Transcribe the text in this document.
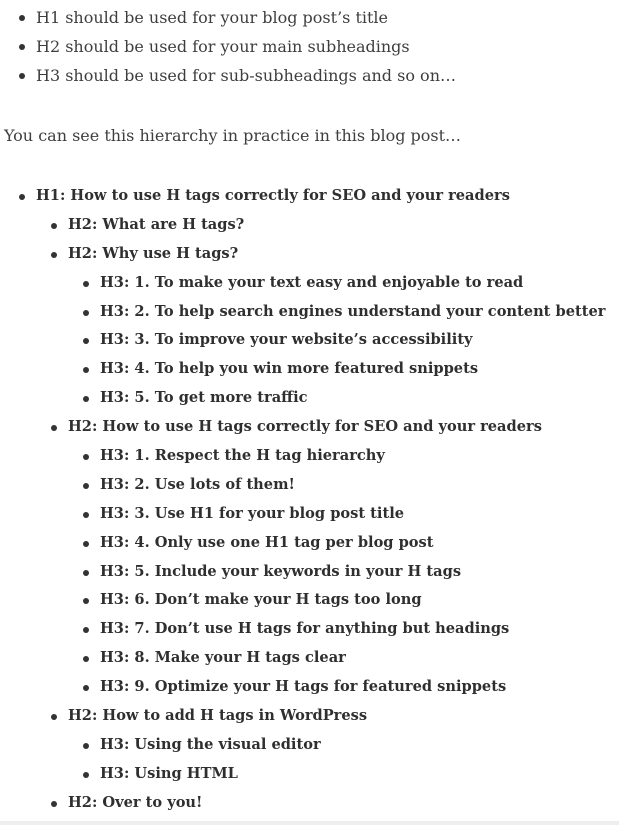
H1 should be used for your blog post’s title
H2 should be used for your main subheadings
H3 should be used for sub-subheadings and so on…

You can see this hierarchy in practice in this blog post…

H1: How to use H tags correctly for SEO and your readers
H2: What are H tags?
H2: Why use H tags?
H3: 1. To make your text easy and enjoyable to read
H3: 2. To help search engines understand your content better
H3: 3. To improve your website’s accessibility
H3: 4. To help you win more featured snippets
H3: 5. To get more traffic
H2: How to use H tags correctly for SEO and your readers
H3: 1. Respect the H tag hierarchy
H3: 2. Use lots of them!
H3: 3. Use H1 for your blog post title
H3: 4. Only use one H1 tag per blog post
H3: 5. Include your keywords in your H tags
H3: 6. Don’t make your H tags too long
H3: 7. Don’t use H tags for anything but headings
H3: 8. Make your H tags clear
H3: 9. Optimize your H tags for featured snippets
H2: How to add H tags in WordPress
H3: Using the visual editor
H3: Using HTML
H2: Over to you!
